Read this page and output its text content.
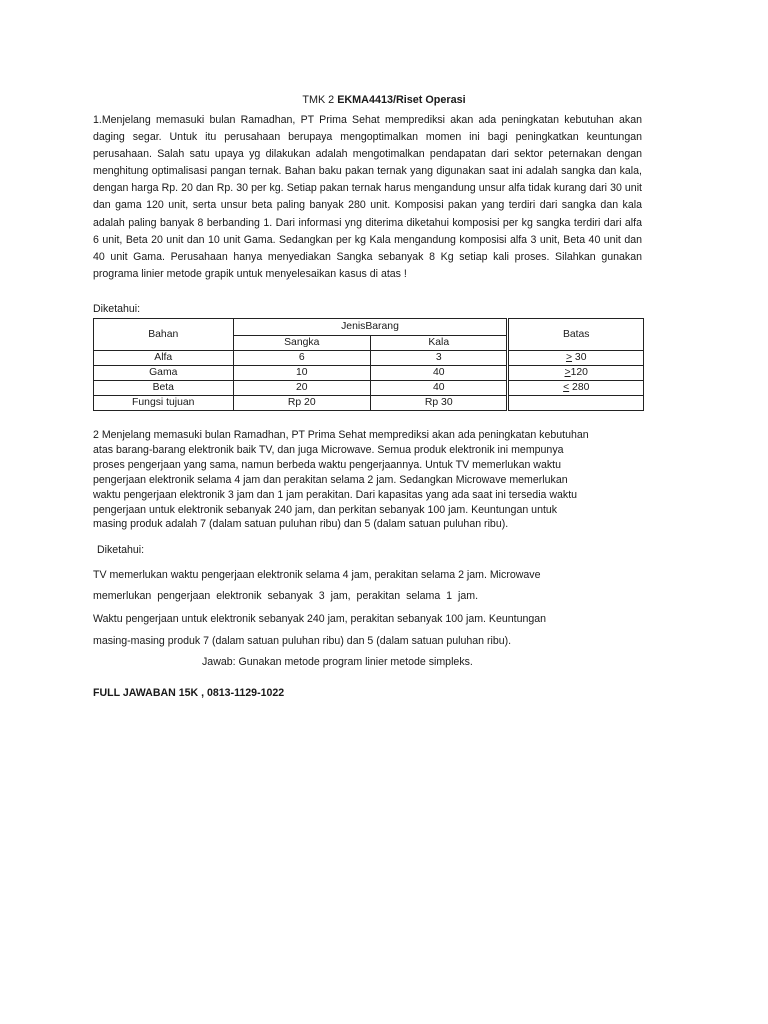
TMK 2 EKMA4413/Riset Operasi

1.Menjelang memasuki bulan Ramadhan, PT Prima Sehat memprediksi akan ada peningkatan kebutuhan akan daging segar. Untuk itu perusahaan berupaya mengoptimalkan momen ini bagi peningkatkan keuntungan perusahaan. Salah satu upaya yg dilakukan adalah mengotimalkan pendapatan dari sektor peternakan dengan menghitung optimalisasi pangan ternak. Bahan baku pakan ternak yang digunakan saat ini adalah sangka dan kala, dengan harga Rp. 20 dan Rp. 30 per kg. Setiap pakan ternak harus mengandung unsur alfa tidak kurang dari 30 unit dan gama 120 unit, serta unsur beta paling banyak 280 unit. Komposisi pakan yang terdiri dari sangka dan kala adalah paling banyak 8 berbanding 1. Dari informasi yng diterima diketahui komposisi per kg sangka terdiri dari alfa 6 unit, Beta 20 unit dan 10 unit Gama. Sedangkan per kg Kala mengandung komposisi alfa 3 unit, Beta 40 unit dan 40 unit Gama. Perusahaan hanya menyediakan Sangka sebanyak 8 Kg setiap kali proses. Silahkan gunakan programa linier metode grapik untuk menyelesaikan kasus di atas !

Diketahui:
Bahan	JenisBarang		Batas
	Sangka	Kala	
Alfa	6	3	> 30
Gama	10	40	>120
Beta	20	40	< 280
Fungsi tujuan	Rp 20	Rp 30	
2 Menjelang memasuki bulan Ramadhan, PT Prima Sehat memprediksi akan ada peningkatan kebutuhan
atas barang-barang elektronik baik TV, dan juga Microwave. Semua produk elektronik ini mempunya
proses pengerjaan yang sama, namun berbeda waktu pengerjaannya. Untuk TV memerlukan waktu
pengerjaan elektronik selama 4 jam dan perakitan selama 2 jam. Sedangkan Microwave memerlukan
waktu pengerjaan elektronik 3 jam dan 1 jam perakitan. Dari kapasitas yang ada saat ini tersedia waktu
pengerjaan untuk elektronik sebanyak 240 jam, dan perkitan sebanyak 100 jam. Keuntungan untuk
masing produk adalah 7 (dalam satuan puluhan ribu) dan 5 (dalam satuan puluhan ribu).
Diketahui:
TV memerlukan waktu pengerjaan elektronik selama 4 jam, perakitan selama 2 jam. Microwave
memerlukan pengerjaan elektronik sebanyak 3 jam, perakitan selama 1 jam.
Waktu pengerjaan untuk elektronik sebanyak 240 jam, perakitan sebanyak 100 jam. Keuntungan
masing-masing produk 7 (dalam satuan puluhan ribu) dan 5 (dalam satuan puluhan ribu).
Jawab: Gunakan metode program linier metode simpleks.
FULL JAWABAN 15K , 0813-1129-1022
